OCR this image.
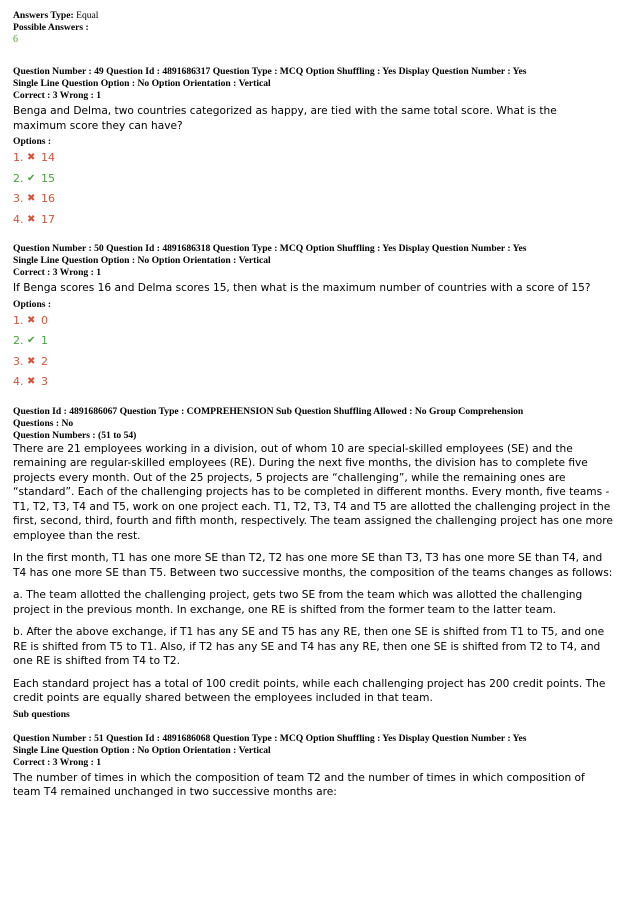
Answers Type: Equal
Possible Answers :
6
Question Number : 49 Question Id : 4891686317 Question Type : MCQ Option Shuffling : Yes Display Question Number : Yes
Single Line Question Option : No Option Orientation : Vertical
Correct : 3 Wrong : 1
Benga and Delma, two countries categorized as happy, are tied with the same total score. What is the maximum score they can have?
Options :
1. ✖ 14
2. ✔ 15
3. ✖ 16
4. ✖ 17
Question Number : 50 Question Id : 4891686318 Question Type : MCQ Option Shuffling : Yes Display Question Number : Yes
Single Line Question Option : No Option Orientation : Vertical
Correct : 3 Wrong : 1
If Benga scores 16 and Delma scores 15, then what is the maximum number of countries with a score of 15?
Options :
1. ✖ 0
2. ✔ 1
3. ✖ 2
4. ✖ 3
Question Id : 4891686067 Question Type : COMPREHENSION Sub Question Shuffling Allowed : No Group Comprehension
Questions : No
Question Numbers : (51 to 54)
There are 21 employees working in a division, out of whom 10 are special-skilled employees (SE) and the remaining are regular-skilled employees (RE). During the next five months, the division has to complete five projects every month. Out of the 25 projects, 5 projects are “challenging”, while the remaining ones are “standard”. Each of the challenging projects has to be completed in different months. Every month, five teams - T1, T2, T3, T4 and T5, work on one project each. T1, T2, T3, T4 and T5 are allotted the challenging project in the first, second, third, fourth and fifth month, respectively. The team assigned the challenging project has one more employee than the rest.
In the first month, T1 has one more SE than T2, T2 has one more SE than T3, T3 has one more SE than T4, and T4 has one more SE than T5. Between two successive months, the composition of the teams changes as follows:
a. The team allotted the challenging project, gets two SE from the team which was allotted the challenging project in the previous month. In exchange, one RE is shifted from the former team to the latter team.
b. After the above exchange, if T1 has any SE and T5 has any RE, then one SE is shifted from T1 to T5, and one RE is shifted from T5 to T1. Also, if T2 has any SE and T4 has any RE, then one SE is shifted from T2 to T4, and one RE is shifted from T4 to T2.
Each standard project has a total of 100 credit points, while each challenging project has 200 credit points. The credit points are equally shared between the employees included in that team.
Sub questions
Question Number : 51 Question Id : 4891686068 Question Type : MCQ Option Shuffling : Yes Display Question Number : Yes
Single Line Question Option : No Option Orientation : Vertical
Correct : 3 Wrong : 1
The number of times in which the composition of team T2 and the number of times in which composition of team T4 remained unchanged in two successive months are:
